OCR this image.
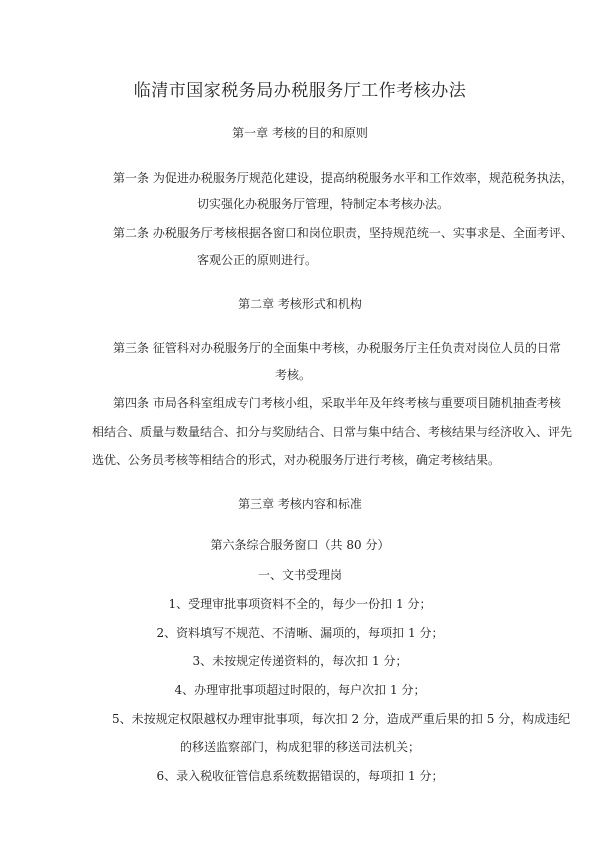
临清市国家税务局办税服务厅工作考核办法
第一章 考核的目的和原则
第一条 为促进办税服务厅规范化建设，提高纳税服务水平和工作效率，规范税务执法，
切实强化办税服务厅管理，特制定本考核办法。
第二条 办税服务厅考核根据各窗口和岗位职责，坚持规范统一、实事求是、全面考评、
客观公正的原则进行。
第二章 考核形式和机构
第三条 征管科对办税服务厅的全面集中考核，办税服务厅主任负责对岗位人员的日常
考核。
第四条 市局各科室组成专门考核小组，采取半年及年终考核与重要项目随机抽查考核
相结合、质量与数量结合、扣分与奖励结合、日常与集中结合、考核结果与经济收入、评先
选优、公务员考核等相结合的形式，对办税服务厅进行考核，确定考核结果。
第三章 考核内容和标准
第六条综合服务窗口（共 80 分）
一、文书受理岗
1、受理审批事项资料不全的，每少一份扣 1 分；
2、资料填写不规范、不清晰、漏项的，每项扣 1 分；
3、未按规定传递资料的，每次扣 1 分；
4、办理审批事项超过时限的，每户次扣 1 分；
5、未按规定权限越权办理审批事项，每次扣 2 分，造成严重后果的扣 5 分，构成违纪
的移送监察部门，构成犯罪的移送司法机关；
6、录入税收征管信息系统数据错误的，每项扣 1 分；
